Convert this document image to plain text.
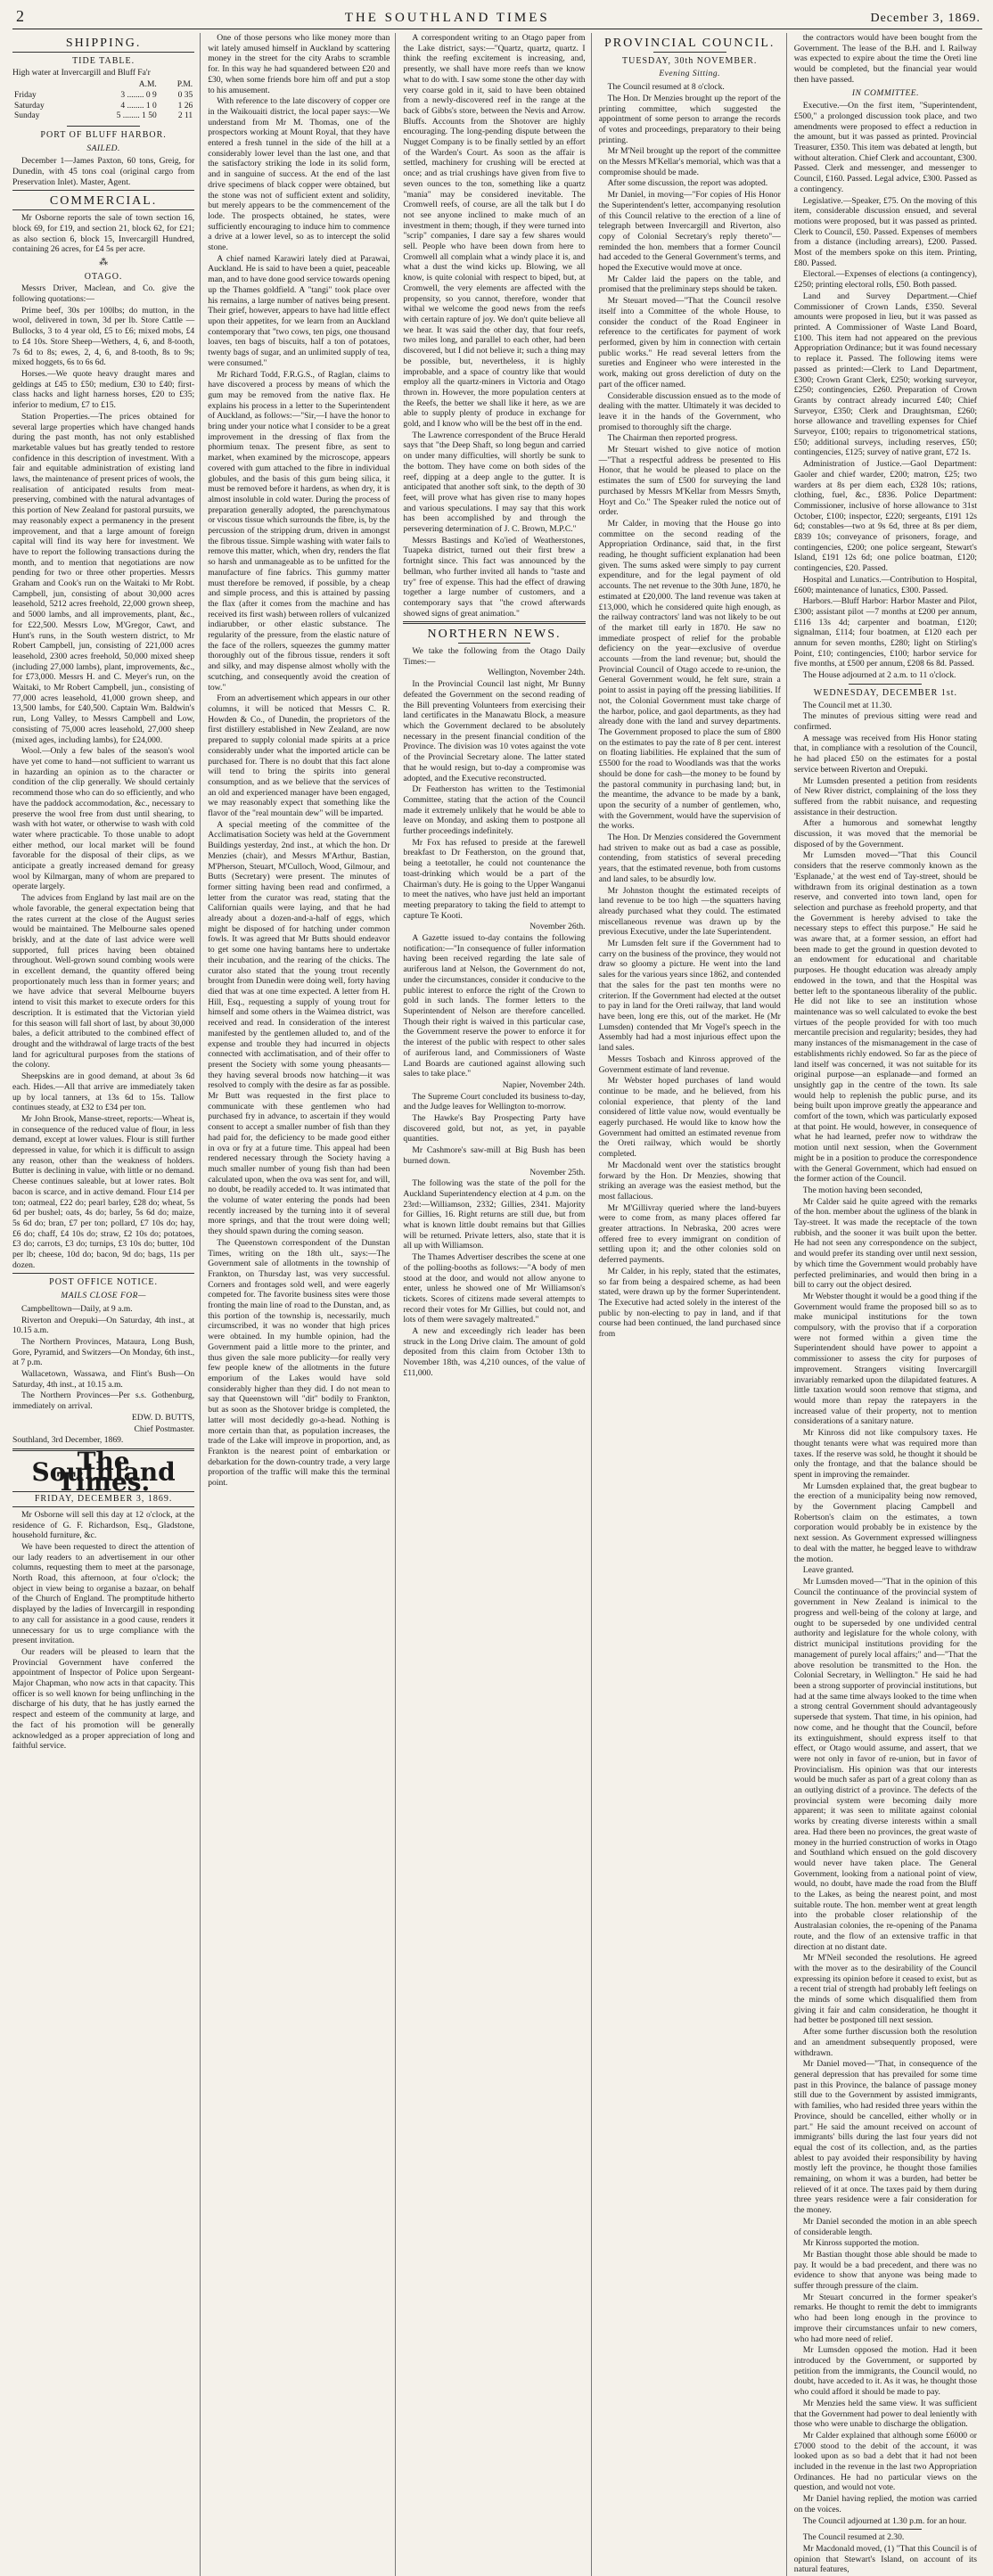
2	THE SOUTHLAND TIMES	December 3, 1869.
SHIPPING.
TIDE TABLE.

High water at Invercargill and Bluff Fa'r

	A.M.	P.M.
Friday	3 ........ 0 9	0 35
Saturday	4 ........ 1 0	1 26
Sunday	5 ........ 1 50	2 11
PORT OF BLUFF HARBOR.
SAILED.

December 1—James Paxton, 60 tons, Greig, for Dunedin, with 45 tons coal (original cargo from Preservation Inlet). Master, Agent.

COMMERCIAL.

Mr Osborne reports the sale of town section 16, block 69, for £19, and section 21, block 62, for £21; as also section 6, block 15, Invercargill Hundred, containing 26 acres, for £4 5s per acre.

⁂
OTAGO.

Messrs Driver, Maclean, and Co. give the following quotations:—

Prime beef, 30s per 100lbs; do mutton, in the wool, delivered in town, 3d per lb. Store Cattle —Bullocks, 3 to 4 year old, £5 to £6; mixed mobs, £4 to £4 10s. Store Sheep—Wethers, 4, 6, and 8-tooth, 7s 6d to 8s; ewes, 2, 4, 6, and 8-tooth, 8s to 9s; mixed hoggets, 6s to 6s 6d.

Horses.—We quote heavy draught mares and geldings at £45 to £50; medium, £30 to £40; first-class hacks and light harness horses, £20 to £35; inferior to medium, £7 to £15.

Station Properties.—The prices obtained for several large properties which have changed hands during the past month, has not only established marketable values but has greatly tended to restore confidence in this description of investment. With a fair and equitable administration of existing land laws, the maintenance of present prices of wools, the realisation of anticipated results from meat-preserving, combined with the natural advantages of this portion of New Zealand for pastoral pursuits, we may reasonably expect a permanency in the present improvement, and that a large amount of foreign capital will find its way here for investment. We have to report the following transactions during the month, and to mention that negotiations are now pending for two or three other properties. Messrs Graham and Cook's run on the Waitaki to Mr Robt. Campbell, jun, consisting of about 30,000 acres leasehold, 5212 acres freehold, 22,000 grown sheep, and 5000 lambs, and all improvements, plant, &c., for £22,500. Messrs Low, M'Gregor, Cawt, and Hunt's runs, in the South western district, to Mr Robert Campbell, jun, consisting of 221,000 acres leasehold, 2300 acres freehold, 50,000 mixed sheep (including 27,000 lambs), plant, improvements, &c., for £73,000. Messrs H. and C. Meyer's run, on the Waitaki, to Mr Robert Campbell, jun., consisting of 77,000 acres leasehold, 41,000 grown sheep, and 13,500 lambs, for £40,500. Captain Wm. Baldwin's run, Long Valley, to Messrs Campbell and Low, consisting of 75,000 acres leasehold, 27,000 sheep (mixed ages, including lambs), for £24,000.

Wool.—Only a few bales of the season's wool have yet come to hand—not sufficient to warrant us in hazarding an opinion as to the character or condition of the clip generally. We should certainly recommend those who can do so efficiently, and who have the paddock accommodation, &c., necessary to preserve the wool free from dust until shearing, to wash with hot water, or otherwise to wash with cold water where practicable. To those unable to adopt either method, our local market will be found favorable for the disposal of their clips, as we anticipate a greatly increased demand for greasy wool by Kilmargan, many of whom are prepared to operate largely.

The advices from England by last mail are on the whole favorable, the general expectation being that the rates current at the close of the August series would be maintained. The Melbourne sales opened briskly, and at the date of last advice were well supported, full prices having been obtained throughout. Well-grown sound combing wools were in excellent demand, the quantity offered being proportionately much less than in former years; and we have advice that several Melbourne buyers intend to visit this market to execute orders for this description. It is estimated that the Victorian yield for this season will fall short of last, by about 30,000 bales, a deficit attributed to the combined effect of drought and the withdrawal of large tracts of the best land for agricultural purposes from the stations of the colony.

Sheepskins are in good demand, at about 3s 6d each. Hides.—All that arrive are immediately taken up by local tanners, at 13s 6d to 15s. Tallow continues steady, at £32 to £34 per ton.

Mr John Brook, Manse-street, reports:—Wheat is, in consequence of the reduced value of flour, in less demand, except at lower values. Flour is still further depressed in value, for which it is difficult to assign any reason, other than the weakness of holders. Butter is declining in value, with little or no demand. Cheese continues saleable, but at lower rates. Bolt bacon is scarce, and in active demand. Flour £14 per ton; oatmeal, £22 do; pearl barley, £28 do; wheat, 5s 6d per bushel; oats, 4s do; barley, 5s 6d do; maize, 5s 6d do; bran, £7 per ton; pollard, £7 10s do; hay, £6 do; chaff, £4 10s do; straw, £2 10s do; potatoes, £3 do; carrots, £3 do; turnips, £3 10s do; butter, 10d per lb; cheese, 10d do; bacon, 9d do; bags, 11s per dozen.

POST OFFICE NOTICE.
MAILS CLOSE FOR—

Campbelltown—Daily, at 9 a.m.

Riverton and Orepuki—On Saturday, 4th inst., at 10.15 a.m.

The Northern Provinces, Mataura, Long Bush, Gore, Pyramid, and Switzers—On Monday, 6th inst., at 7 p.m.

Wallacetown, Wassawa, and Flint's Bush—On Saturday, 4th inst., at 10.15 a.m.

The Northern Provinces—Per s.s. Gothenburg, immediately on arrival.

EDW. D. BUTTS,

Chief Postmaster.

Southland, 3rd December, 1869.

The Southland Times.
FRIDAY, DECEMBER 3, 1869.

Mr Osborne will sell this day at 12 o'clock, at the residence of G. F. Richardson, Esq., Gladstone, household furniture, &c.

We have been requested to direct the attention of our lady readers to an advertisement in our other columns, requesting them to meet at the parsonage, North Road, this afternoon, at four o'clock; the object in view being to organise a bazaar, on behalf of the Church of England. The promptitude hitherto displayed by the ladies of Invercargill in responding to any call for assistance in a good cause, renders it unnecessary for us to urge compliance with the present invitation.

Our readers will be pleased to learn that the Provincial Government have conferred the appointment of Inspector of Police upon Sergeant-Major Chapman, who now acts in that capacity. This officer is so well known for being unflinching in the discharge of his duty, that he has justly earned the respect and esteem of the community at large, and the fact of his promotion will be generally acknowledged as a proper appreciation of long and faithful service.

One of those persons who like money more than wit lately amused himself in Auckland by scattering money in the street for the city Arabs to scramble for. In this way he had squandered between £20 and £30, when some friends bore him off and put a stop to his amusement.

With reference to the late discovery of copper ore in the Waikouaiti district, the local paper says:—We understand from Mr M. Thomas, one of the prospectors working at Mount Royal, that they have entered a fresh tunnel in the side of the hill at a considerably lower level than the last one, and that the satisfactory striking the lode in its solid form, and in sanguine of success. At the end of the last drive specimens of black copper were obtained, but the stone was not of sufficient extent and solidity, but merely appears to be the commencement of the lode. The prospects obtained, he states, were sufficiently encouraging to induce him to commence a drive at a lower level, so as to intercept the solid stone.

A chief named Karawiri lately died at Parawai, Auckland. He is said to have been a quiet, peaceable man, and to have done good service towards opening up the Thames goldfield. A "tangi" took place over his remains, a large number of natives being present. Their grief, however, appears to have had little effect upon their appetites, for we learn from an Auckland contemporary that "two cows, ten pigs, one thousand loaves, ten bags of biscuits, half a ton of potatoes, twenty bags of sugar, and an unlimited supply of tea, were consumed."

Mr Richard Todd, F.R.G.S., of Raglan, claims to have discovered a process by means of which the gum may be removed from the native flax. He explains his process in a letter to the Superintendent of Auckland, as follows:—"Sir,—I have the honor to bring under your notice what I consider to be a great improvement in the dressing of flax from the phormium tenax. The present fibre, as sent to market, when examined by the microscope, appears covered with gum attached to the fibre in individual globules, and the basis of this gum being silica, it must be removed before it hardens, as when dry, it is almost insoluble in cold water. During the process of preparation generally adopted, the parenchymatous or viscous tissue which surrounds the fibre, is, by the percussion of the stripping drum, driven in amongst the fibrous tissue. Simple washing with water fails to remove this matter, which, when dry, renders the flat so harsh and unmanageable as to be unfitted for the manufacture of fine fabrics. This gummy matter must therefore be removed, if possible, by a cheap and simple process, and this is attained by passing the flax (after it comes from the machine and has received its first wash) between rollers of vulcanized indiarubber, or other elastic substance. The regularity of the pressure, from the elastic nature of the face of the rollers, squeezes the gummy matter thoroughly out of the fibrous tissue, renders it soft and silky, and may dispense almost wholly with the scutching, and consequently avoid the creation of tow."

From an advertisement which appears in our other columns, it will be noticed that Messrs C. R. Howden & Co., of Dunedin, the proprietors of the first distillery established in New Zealand, are now prepared to supply colonial made spirits at a price considerably under what the imported article can be purchased for. There is no doubt that this fact alone will tend to bring the spirits into general consumption, and as we believe that the services of an old and experienced manager have been engaged, we may reasonably expect that something like the flavor of the "real mountain dew" will be imparted.

A special meeting of the committee of the Acclimatisation Society was held at the Government Buildings yesterday, 2nd inst., at which the hon. Dr Menzies (chair), and Messrs M'Arthur, Bastian, M'Pherson, Steuart, M'Culloch, Wood, Gilmour, and Butts (Secretary) were present. The minutes of former sitting having been read and confirmed, a letter from the curator was read, stating that the Californian quails were laying, and that he had already about a dozen-and-a-half of eggs, which might be disposed of for hatching under common fowls. It was agreed that Mr Butts should endeavor to get some one having bantams here to undertake their incubation, and the rearing of the chicks. The curator also stated that the young trout recently brought from Dunedin were doing well, forty having died that was at one time expected. A letter from H. Hill, Esq., requesting a supply of young trout for himself and some others in the Waimea district, was received and read. In consideration of the interest manifested by the gentlemen alluded to, and of the expense and trouble they had incurred in objects connected with acclimatisation, and of their offer to present the Society with some young pheasants—they having several broods now hatching—it was resolved to comply with the desire as far as possible. Mr Butt was requested in the first place to communicate with these gentlemen who had purchased fry in advance, to ascertain if they would consent to accept a smaller number of fish than they had paid for, the deficiency to be made good either in ova or fry at a future time. This appeal had been rendered necessary through the Society having a much smaller number of young fish than had been calculated upon, when the ova was sent for, and will, no doubt, be readily acceded to. It was intimated that the volume of water entering the ponds had been recently increased by the turning into it of several more springs, and that the trout were doing well; they should spawn during the coming season.

The Queenstown correspondent of the Dunstan Times, writing on the 18th ult., says:—The Government sale of allotments in the township of Frankton, on Thursday last, was very successful. Corners and frontages sold well, and were eagerly competed for. The favorite business sites were those fronting the main line of road to the Dunstan, and, as this portion of the township is, necessarily, much circumscribed, it was no wonder that high prices were obtained. In my humble opinion, had the Government paid a little more to the printer, and thus given the sale more publicity—for really very few people knew of the allotments in the future emporium of the Lakes would have sold considerably higher than they did. I do not mean to say that Queenstown will "dit" bodily to Frankton, but as soon as the Shotover bridge is completed, the latter will most decidedly go-a-head. Nothing is more certain than that, as population increases, the trade of the Lake will improve in proportion, and, as Frankton is the nearest point of embarkation or debarkation for the down-country trade, a very large proportion of the traffic will make this the terminal point.

A correspondent writing to an Otago paper from the Lake district, says:—"Quartz, quartz, quartz. I think the reefing excitement is increasing, and, presently, we shall have more reefs than we know what to do with. I saw some stone the other day with very coarse gold in it, said to have been obtained from a newly-discovered reef in the range at the back of Gibbs's store, between the Nevis and Arrow. Bluffs. Accounts from the Shotover are highly encouraging. The long-pending dispute between the Nugget Company is to be finally settled by an effort of the Warden's Court. As soon as the affair is settled, machinery for crushing will be erected at once; and as trial crushings have given from five to seven ounces to the ton, something like a quartz "mania" may be considered inevitable. The Cromwell reefs, of course, are all the talk but I do not see anyone inclined to make much of an investment in them; though, if they were turned into "scrip" companies, I dare say a few shares would sell. People who have been down from here to Cromwell all complain what a windy place it is, and what a dust the wind kicks up. Blowing, we all know, is quite colonial with respect to biped, but, at Cromwell, the very elements are affected with the propensity, so you cannot, therefore, wonder that withal we welcome the good news from the reefs with certain rapture of joy. We don't quite believe all we hear. It was said the other day, that four reefs, two miles long, and parallel to each other, had been discovered, but I did not believe it; such a thing may be possible, but, nevertheless, it is highly improbable, and a space of country like that would employ all the quartz-miners in Victoria and Otago thrown in. However, the more population centers at the Reefs, the better we shall like it here, as we are able to supply plenty of produce in exchange for gold, and I know who will be the best off in the end.

The Lawrence correspondent of the Bruce Herald says that "the Deep Shaft, so long begun and carried on under many difficulties, will shortly be sunk to the bottom. They have come on both sides of the reef, dipping at a deep angle to the gutter. It is anticipated that another soft sink, to the depth of 30 feet, will prove what has given rise to many hopes and various speculations. I may say that this work has been accomplished by and through the persevering determination of J. C. Brown, M.P.C."

Messrs Bastings and Ko'ied of Weatherstones, Tuapeka district, turned out their first brew a fortnight since. This fact was announced by the bellman, who further invited all hands to "taste and try" free of expense. This had the effect of drawing together a large number of customers, and a contemporary says that "the crowd afterwards showed signs of great animation."

NORTHERN NEWS.

We take the following from the Otago Daily Times:—

Wellington, November 24th.

In the Provincial Council last night, Mr Bunny defeated the Government on the second reading of the Bill preventing Volunteers from exercising their land certificates in the Manawatu Block, a measure which the Government declared to be absolutely necessary in the present financial condition of the Province. The division was 10 votes against the vote of the Provincial Secretary alone. The latter stated that he would resign, but to-day a compromise was adopted, and the Executive reconstructed.

Dr Featherston has written to the Testimonial Committee, stating that the action of the Council made it extremely unlikely that he would be able to leave on Monday, and asking them to postpone all further proceedings indefinitely.

Mr Fox has refused to preside at the farewell breakfast to Dr Featherston, on the ground that, being a teetotaller, he could not countenance the toast-drinking which would be a part of the Chairman's duty. He is going to the Upper Wanganui to meet the natives, who have just held an important meeting preparatory to taking the field to attempt to capture Te Kooti.

November 26th.

A Gazette issued to-day contains the following notification:—"In consequence of fuller information having been received regarding the late sale of auriferous land at Nelson, the Government do not, under the circumstances, consider it conducive to the public interest to enforce the right of the Crown to gold in such lands. The former letters to the Superintendent of Nelson are therefore cancelled. Though their right is waived in this particular case, the Government reserve the power to enforce it for the interest of the public with respect to other sales of auriferous land, and Commissioners of Waste Land Boards are cautioned against allowing such sales to take place."

Napier, November 24th.

The Supreme Court concluded its business to-day, and the Judge leaves for Wellington to-morrow.

The Hawke's Bay Prospecting Party have discovered gold, but not, as yet, in payable quantities.

Mr Cashmore's saw-mill at Big Bush has been burned down.

November 25th.

The following was the state of the poll for the Auckland Superintendency election at 4 p.m. on the 23rd:—Williamson, 2332; Gillies, 2341. Majority for Gillies, 16. Right returns are still due, but from what is known little doubt remains but that Gillies will be returned. Private letters, also, state that it is all up with Williamson.

The Thames Advertiser describes the scene at one of the polling-booths as follows:—"A body of men stood at the door, and would not allow anyone to enter, unless he showed one of Mr Williamson's tickets. Scores of citizens made several attempts to record their votes for Mr Gillies, but could not, and lots of them were savagely maltreated."

A new and exceedingly rich leader has been struck in the Long Drive claim. The amount of gold deposited from this claim from October 13th to November 18th, was 4,210 ounces, of the value of £11,000.

PROVINCIAL COUNCIL.
TUESDAY, 30th NOVEMBER.
Evening Sitting.

The Council resumed at 8 o'clock.

The Hon. Dr Menzies brought up the report of the printing committee, which suggested the appointment of some person to arrange the records of votes and proceedings, preparatory to their being printing.

Mr M'Neil brought up the report of the committee on the Messrs M'Kellar's memorial, which was that a compromise should be made.

After some discussion, the report was adopted.

Mr Daniel, in moving—"For copies of His Honor the Superintendent's letter, accompanying resolution of this Council relative to the erection of a line of telegraph between Invercargill and Riverton, also copy of Colonial Secretary's reply thereto"—reminded the hon. members that a former Council had acceded to the General Government's terms, and hoped the Executive would move at once.

Mr Calder laid the papers on the table, and promised that the preliminary steps should be taken.

Mr Steuart moved—"That the Council resolve itself into a Committee of the whole House, to consider the conduct of the Road Engineer in reference to the certificates for payment of work performed, given by him in connection with certain public works." He read several letters from the sureties and Engineer who were interested in the work, making out gross dereliction of duty on the part of the officer named.

Considerable discussion ensued as to the mode of dealing with the matter. Ultimately it was decided to leave it in the hands of the Government, who promised to thoroughly sift the charge.

The Chairman then reported progress.

Mr Steuart wished to give notice of motion—"That a respectful address be presented to His Honor, that he would be pleased to place on the estimates the sum of £500 for surveying the land purchased by Messrs M'Kellar from Messrs Smyth, Hoyt and Co." The Speaker ruled the notice out of order.

Mr Calder, in moving that the House go into committee on the second reading of the Appropriation Ordinance, said that, in the first reading, he thought sufficient explanation had been given. The sums asked were simply to pay current expenditure, and for the legal payment of old accounts. The net revenue to the 30th June, 1870, he estimated at £20,000. The land revenue was taken at £13,000, which he considered quite high enough, as the railway contractors' land was not likely to be out of the market till early in 1870. He saw no immediate prospect of relief for the probable deficiency on the year—exclusive of overdue accounts —from the land revenue; but, should the Provincial Council of Otago accede to re-union, the General Government would, he felt sure, strain a point to assist in paying off the pressing liabilities. If not, the Colonial Government must take charge of the harbor, police, and gaol departments, as they had already done with the land and survey departments. The Government proposed to place the sum of £800 on the estimates to pay the rate of 8 per cent. interest on floating liabilities. He explained that the sum of £5500 for the road to Woodlands was that the works should be done for cash—the money to be found by the pastoral community in purchasing land; but, in the meantime, the advance to be made by a bank, upon the security of a number of gentlemen, who, with the Government, would have the supervision of the works.

The Hon. Dr Menzies considered the Government had striven to make out as bad a case as possible, contending, from statistics of several preceding years, that the estimated revenue, both from customs and land sales, to be absurdly low.

Mr Johnston thought the estimated receipts of land revenue to be too high —the squatters having already purchased what they could. The estimated miscellaneous revenue was drawn up by the previous Executive, under the late Superintendent.

Mr Lumsden felt sure if the Government had to carry on the business of the province, they would not draw so gloomy a picture. He went into the land sales for the various years since 1862, and contended that the sales for the past ten months were no criterion. If the Government had elected at the outset to pay in land for the Oreti railway, that land would have been, long ere this, out of the market. He (Mr Lumsden) contended that Mr Vogel's speech in the Assembly had had a most injurious effect upon the land sales.

Messrs Tosbach and Kinross approved of the Government estimate of land revenue.

Mr Webster hoped purchases of land would continue to be made, and he believed, from his colonial experience, that plenty of the land considered of little value now, would eventually be eagerly purchased. He would like to know how the Government had omitted an estimated revenue from the Oreti railway, which would be shortly completed.

Mr Macdonald went over the statistics brought forward by the Hon. Dr Menzies, showing that striking an average was the easiest method, but the most fallacious.

Mr M'Gillivray queried where the land-buyers were to come from, as many places offered far greater attractions. In Nebraska, 200 acres were offered free to every immigrant on condition of settling upon it; and the other colonies sold on deferred payments.

Mr Calder, in his reply, stated that the estimates, so far from being a despaired scheme, as had been stated, were drawn up by the former Superintendent. The Executive had acted solely in the interest of the public by non-electing to pay in land, and if that course had been continued, the land purchased since from

the contractors would have been bought from the Government. The lease of the B.H. and I. Railway was expected to expire about the time the Oreti line would be completed, but the financial year would then have passed.

IN COMMITTEE.

Executive.—On the first item, "Superintendent, £500," a prolonged discussion took place, and two amendments were proposed to effect a reduction in the amount, but it was passed as printed. Provincial Treasurer, £350. This item was debated at length, but without alteration. Chief Clerk and accountant, £300. Passed. Clerk and messenger, and messenger to Council, £160. Passed. Legal advice, £300. Passed as a contingency.

Legislative.—Speaker, £75. On the moving of this item, considerable discussion ensued, and several motions were proposed, but it was passed as printed. Clerk to Council, £50. Passed. Expenses of members from a distance (including arrears), £200. Passed. Most of the members spoke on this item. Printing, £80. Passed.

Electoral.—Expenses of elections (a contingency), £250; printing electoral rolls, £50. Both passed.

Land and Survey Department.—Chief Commissioner of Crown Lands, £350. Several amounts were proposed in lieu, but it was passed as printed. A Commissioner of Waste Land Board, £100. This item had not appeared on the previous Appropriation Ordinance; but it was found necessary to replace it. Passed. The following items were passed as printed:—Clerk to Land Department, £300; Crown Grant Clerk, £250; working surveyor, £250; contingencies, £260. Preparation of Crown Grants by contract already incurred £40; Chief Surveyor, £350; Clerk and Draughtsman, £260; horse allowance and travelling expenses for Chief Surveyor, £100; repairs to trigonometrical stations, £50; additional surveys, including reserves, £50; contingencies, £125; survey of native grant, £72 1s.

Administration of Justice.—Gaol Department: Gaoler and chief warder, £200; matron, £25; two warders at 8s per diem each, £328 10s; rations, clothing, fuel, &c., £836. Police Department: Commissioner, inclusive of horse allowance to 31st October, £100; inspector, £220; sergeants, £191 12s 6d; constables—two at 9s 6d, three at 8s per diem, £839 10s; conveyance of prisoners, forage, and contingencies, £200; one police sergeant, Stewart's Island, £191 12s 6d; one police boatman, £120; contingencies, £20. Passed.

Hospital and Lunatics.—Contribution to Hospital, £600; maintenance of lunatics, £300. Passed.

Harbors.—Bluff Harbor: Harbor Master and Pilot, £300; assistant pilot —7 months at £200 per annum, £116 13s 4d; carpenter and boatman, £120; signalman, £114; four boatmen, at £120 each per annum for seven months, £280; light on Stirling's Point, £10; contingencies, £100; harbor service for five months, at £500 per annum, £208 6s 8d. Passed.

The House adjourned at 2 a.m. to 11 o'clock.

WEDNESDAY, DECEMBER 1st.

The Council met at 11.30.

The minutes of previous sitting were read and confirmed.

A message was received from His Honor stating that, in compliance with a resolution of the Council, he had placed £50 on the estimates for a postal service between Riverton and Orepuki.

Mr Lumsden presented a petition from residents of New River district, complaining of the loss they suffered from the rabbit nuisance, and requesting assistance in their destruction.

After a humorous and somewhat lengthy discussion, it was moved that the memorial be disposed of by the Government.

Mr Lumsden moved—"That this Council considers that the reserve commonly known as the 'Esplanade,' at the west end of Tay-street, should be withdrawn from its original destination as a town reserve, and converted into town land, open for selection and purchase as freehold property, and that the Government is hereby advised to take the necessary steps to effect this purpose." He said he was aware that, at a former session, an effort had been made to get the ground in question devoted to an endowment for educational and charitable purposes. He thought education was already amply endowed in the town, and that the Hospital was better left to the spontaneous liberality of the public. He did not like to see an institution whose maintenance was so well calculated to evoke the best virtues of the people provided for with too much mercantile precision and regularity; besides, they had many instances of the mismanagement in the case of establishments richly endowed. So far as the piece of land itself was concerned, it was not suitable for its original purpose—an esplanade—and formed an unsightly gap in the centre of the town. Its sale would help to replenish the public purse, and its being built upon improve greatly the appearance and comfort of the town, which was particularly exposed at that point. He would, however, in consequence of what he had learned, prefer now to withdraw the motion until next session, when the Government might be in a position to produce the correspondence with the General Government, which had ensued on the former action of the Council.

The motion having been seconded,

Mr Calder said he quite agreed with the remarks of the hon. member about the ugliness of the blank in Tay-street. It was made the receptacle of the town rubbish, and the sooner it was built upon the better. He had not seen any correspondence on the subject, and would prefer its standing over until next session, by which time the Government would probably have perfected preliminaries, and would then bring in a bill to carry out the object desired.

Mr Webster thought it would be a good thing if the Government would frame the proposed bill so as to make municipal institutions for the town compulsory, with the proviso that if a corporation were not formed within a given time the Superintendent should have power to appoint a commissioner to assess the city for purposes of improvement. Strangers visiting Invercargill invariably remarked upon the dilapidated features. A little taxation would soon remove that stigma, and would more than repay the ratepayers in the increased value of their property, not to mention considerations of a sanitary nature.

Mr Kinross did not like compulsory taxes. He thought tenants were what was required more than taxes. If the reserve was sold, he thought it should be only the frontage, and that the balance should be spent in improving the remainder.

Mr Lumsden explained that, the great bugbear to the erection of a municipality being now removed, by the Government placing Campbell and Robertson's claim on the estimates, a town corporation would probably be in existence by the next session. As Government expressed willingness to deal with the matter, he begged leave to withdraw the motion.

Leave granted.

Mr Lumsden moved—"That in the opinion of this Council the continuance of the provincial system of government in New Zealand is inimical to the progress and well-being of the colony at large, and ought to be superseded by one undivided central authority and legislature for the whole colony, with district municipal institutions providing for the management of purely local affairs;" and—"That the above resolution be transmitted to the Hon. the Colonial Secretary, in Wellington." He said he had been a strong supporter of provincial institutions, but had at the same time always looked to the time when a strong central Government should advantageously supersede that system. That time, in his opinion, had now come, and he thought that the Council, before its extinguishment, should express itself to that effect, or Otago would assume, and assert, that we were not only in favor of re-union, but in favor of Provincialism. His opinion was that our interests would be much safer as part of a great colony than as an outlying district of a province. The defects of the provincial system were becoming daily more apparent; it was seen to militate against colonial works by creating diverse interests within a small area. Had there been no provinces, the great waste of money in the hurried construction of works in Otago and Southland which ensued on the gold discovery would never have taken place. The General Government, looking from a national point of view, would, no doubt, have made the road from the Bluff to the Lakes, as being the nearest point, and most suitable route. The hon. member went at great length into the probable closer relationship of the Australasian colonies, the re-opening of the Panama route, and the flow of an extensive traffic in that direction at no distant date.

Mr M'Neil seconded the resolutions. He agreed with the mover as to the desirability of the Council expressing its opinion before it ceased to exist, but as a recent trial of strength had probably left feelings on the minds of some which disqualified them from giving it fair and calm consideration, he thought it had better be postponed till next session.

After some further discussion both the resolution and an amendment subsequently proposed, were withdrawn.

Mr Daniel moved—"That, in consequence of the general depression that has prevailed for some time past in this Province, the balance of passage money still due to the Government by assisted immigrants, with families, who had resided three years within the Province, should be cancelled, either wholly or in part." He said the amount received on account of immigrants' bills during the last four years did not equal the cost of its collection, and, as the parties ablest to pay avoided their responsibility by having mostly left the province, he thought those families remaining, on whom it was a burden, had better be relieved of it at once. The taxes paid by them during three years residence were a fair consideration for the money.

Mr Daniel seconded the motion in an able speech of considerable length.

Mr Kinross supported the motion.

Mr Bastian thought those able should be made to pay. It would be a bad precedent, and there was no evidence to show that anyone was being made to suffer through pressure of the claim.

Mr Steuart concurred in the former speaker's remarks. He thought to remit the debt to immigrants who had been long enough in the province to improve their circumstances unfair to new comers, who had more need of relief.

Mr Lumsden opposed the motion. Had it been introduced by the Government, or supported by petition from the immigrants, the Council would, no doubt, have acceded to it. As it was, he thought those who could afford it should be made to pay.

Mr Menzies held the same view. It was sufficient that the Government had power to deal leniently with those who were unable to discharge the obligation.

Mr Calder explained that although some £6000 or £7000 stood to the debit of the account, it was looked upon as so bad a debt that it had not been included in the revenue in the last two Appropriation Ordinances. He had no particular views on the question, and would not vote.

Mr Daniel having replied, the motion was carried on the voices.

The Council adjourned at 1.30 p.m. for an hour.

The Council resumed at 2.30.

Mr Macdonald moved, (1) "That this Council is of opinion that Stewart's Island, on account of its natural features,
